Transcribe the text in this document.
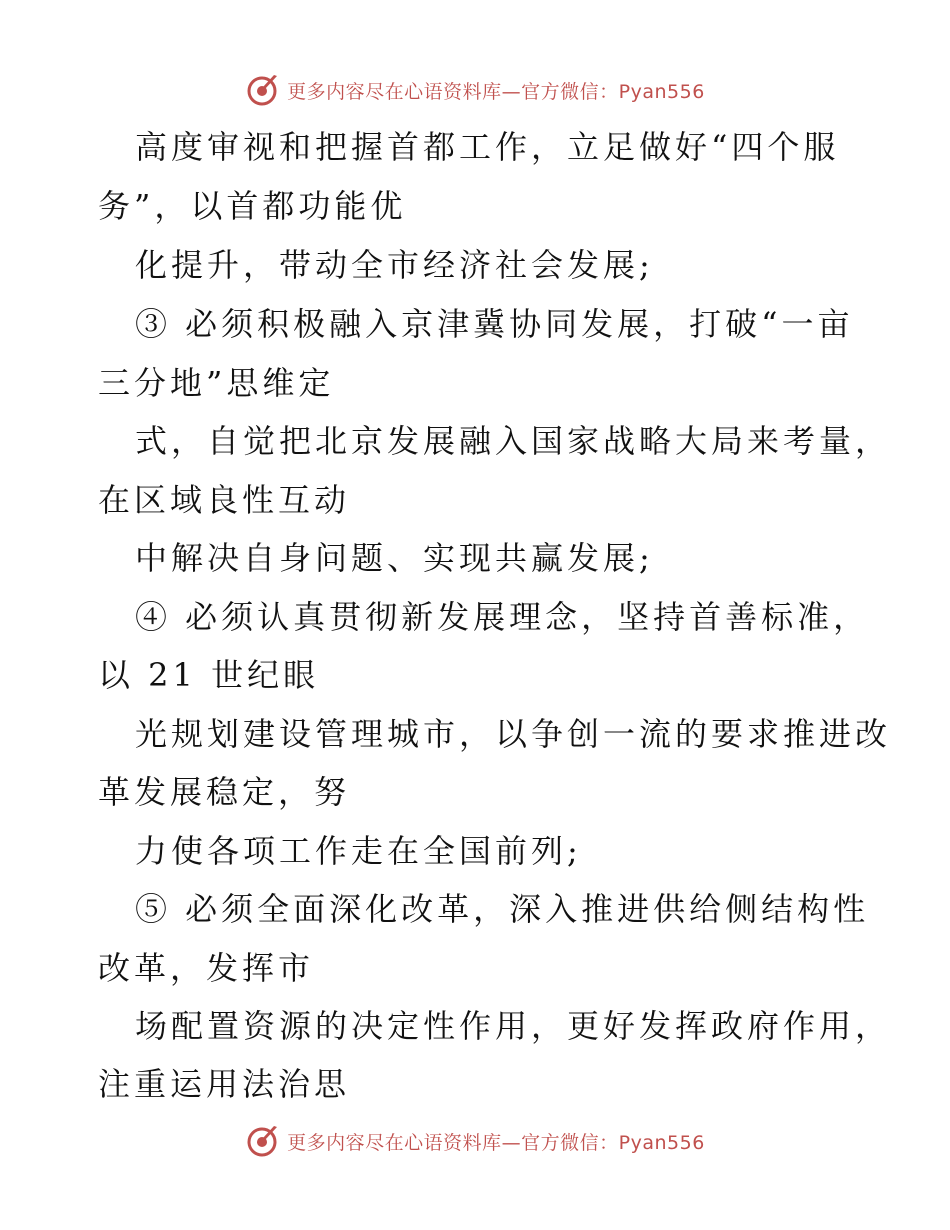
更多内容尽在心语资料库—官方微信：Pyan556
高度审视和把握首都工作，立足做好“四个服
务”，以首都功能优
化提升，带动全市经济社会发展;
③ 必须积极融入京津冀协同发展，打破“一亩
三分地”思维定
式，自觉把北京发展融入国家战略大局来考量，
在区域良性互动
中解决自身问题、实现共赢发展;
④ 必须认真贯彻新发展理念，坚持首善标准，
以 21 世纪眼
光规划建设管理城市，以争创一流的要求推进改
革发展稳定，努
力使各项工作走在全国前列;
⑤ 必须全面深化改革，深入推进供给侧结构性
改革，发挥市
场配置资源的决定性作用，更好发挥政府作用，
注重运用法治思
更多内容尽在心语资料库—官方微信：Pyan556
